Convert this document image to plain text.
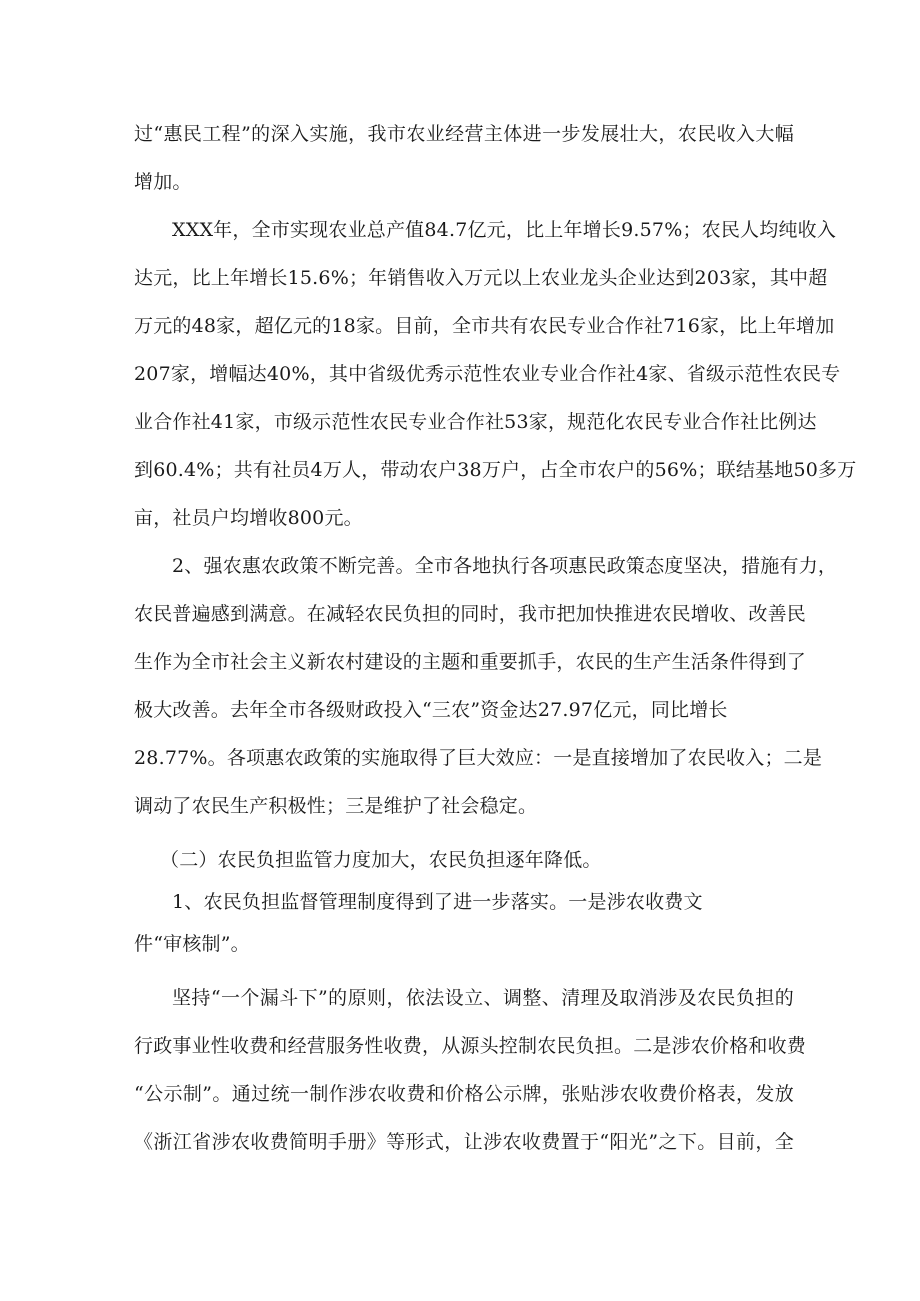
过“惠民工程”的深入实施，我市农业经营主体进一步发展壮大，农民收入大幅
增加。
XXX年，全市实现农业总产值84.7亿元，比上年增长9.57%；农民人均纯收入
达元，比上年增长15.6%；年销售收入万元以上农业龙头企业达到203家，其中超
万元的48家，超亿元的18家。目前，全市共有农民专业合作社716家，比上年增加
207家，增幅达40%，其中省级优秀示范性农业专业合作社4家、省级示范性农民专
业合作社41家，市级示范性农民专业合作社53家，规范化农民专业合作社比例达
到60.4%；共有社员4万人，带动农户38万户，占全市农户的56%；联结基地50多万
亩，社员户均增收800元。
2、强农惠农政策不断完善。全市各地执行各项惠民政策态度坚决，措施有力，
农民普遍感到满意。在减轻农民负担的同时，我市把加快推进农民增收、改善民
生作为全市社会主义新农村建设的主题和重要抓手，农民的生产生活条件得到了
极大改善。去年全市各级财政投入“三农”资金达27.97亿元，同比增长
28.77%。各项惠农政策的实施取得了巨大效应：一是直接增加了农民收入；二是
调动了农民生产积极性；三是维护了社会稳定。
（二）农民负担监管力度加大，农民负担逐年降低。
1、农民负担监督管理制度得到了进一步落实。一是涉农收费文
件“审核制”。
坚持“一个漏斗下”的原则，依法设立、调整、清理及取消涉及农民负担的
行政事业性收费和经营服务性收费，从源头控制农民负担。二是涉农价格和收费
“公示制”。通过统一制作涉农收费和价格公示牌，张贴涉农收费价格表，发放
《浙江省涉农收费简明手册》等形式，让涉农收费置于“阳光”之下。目前，全
